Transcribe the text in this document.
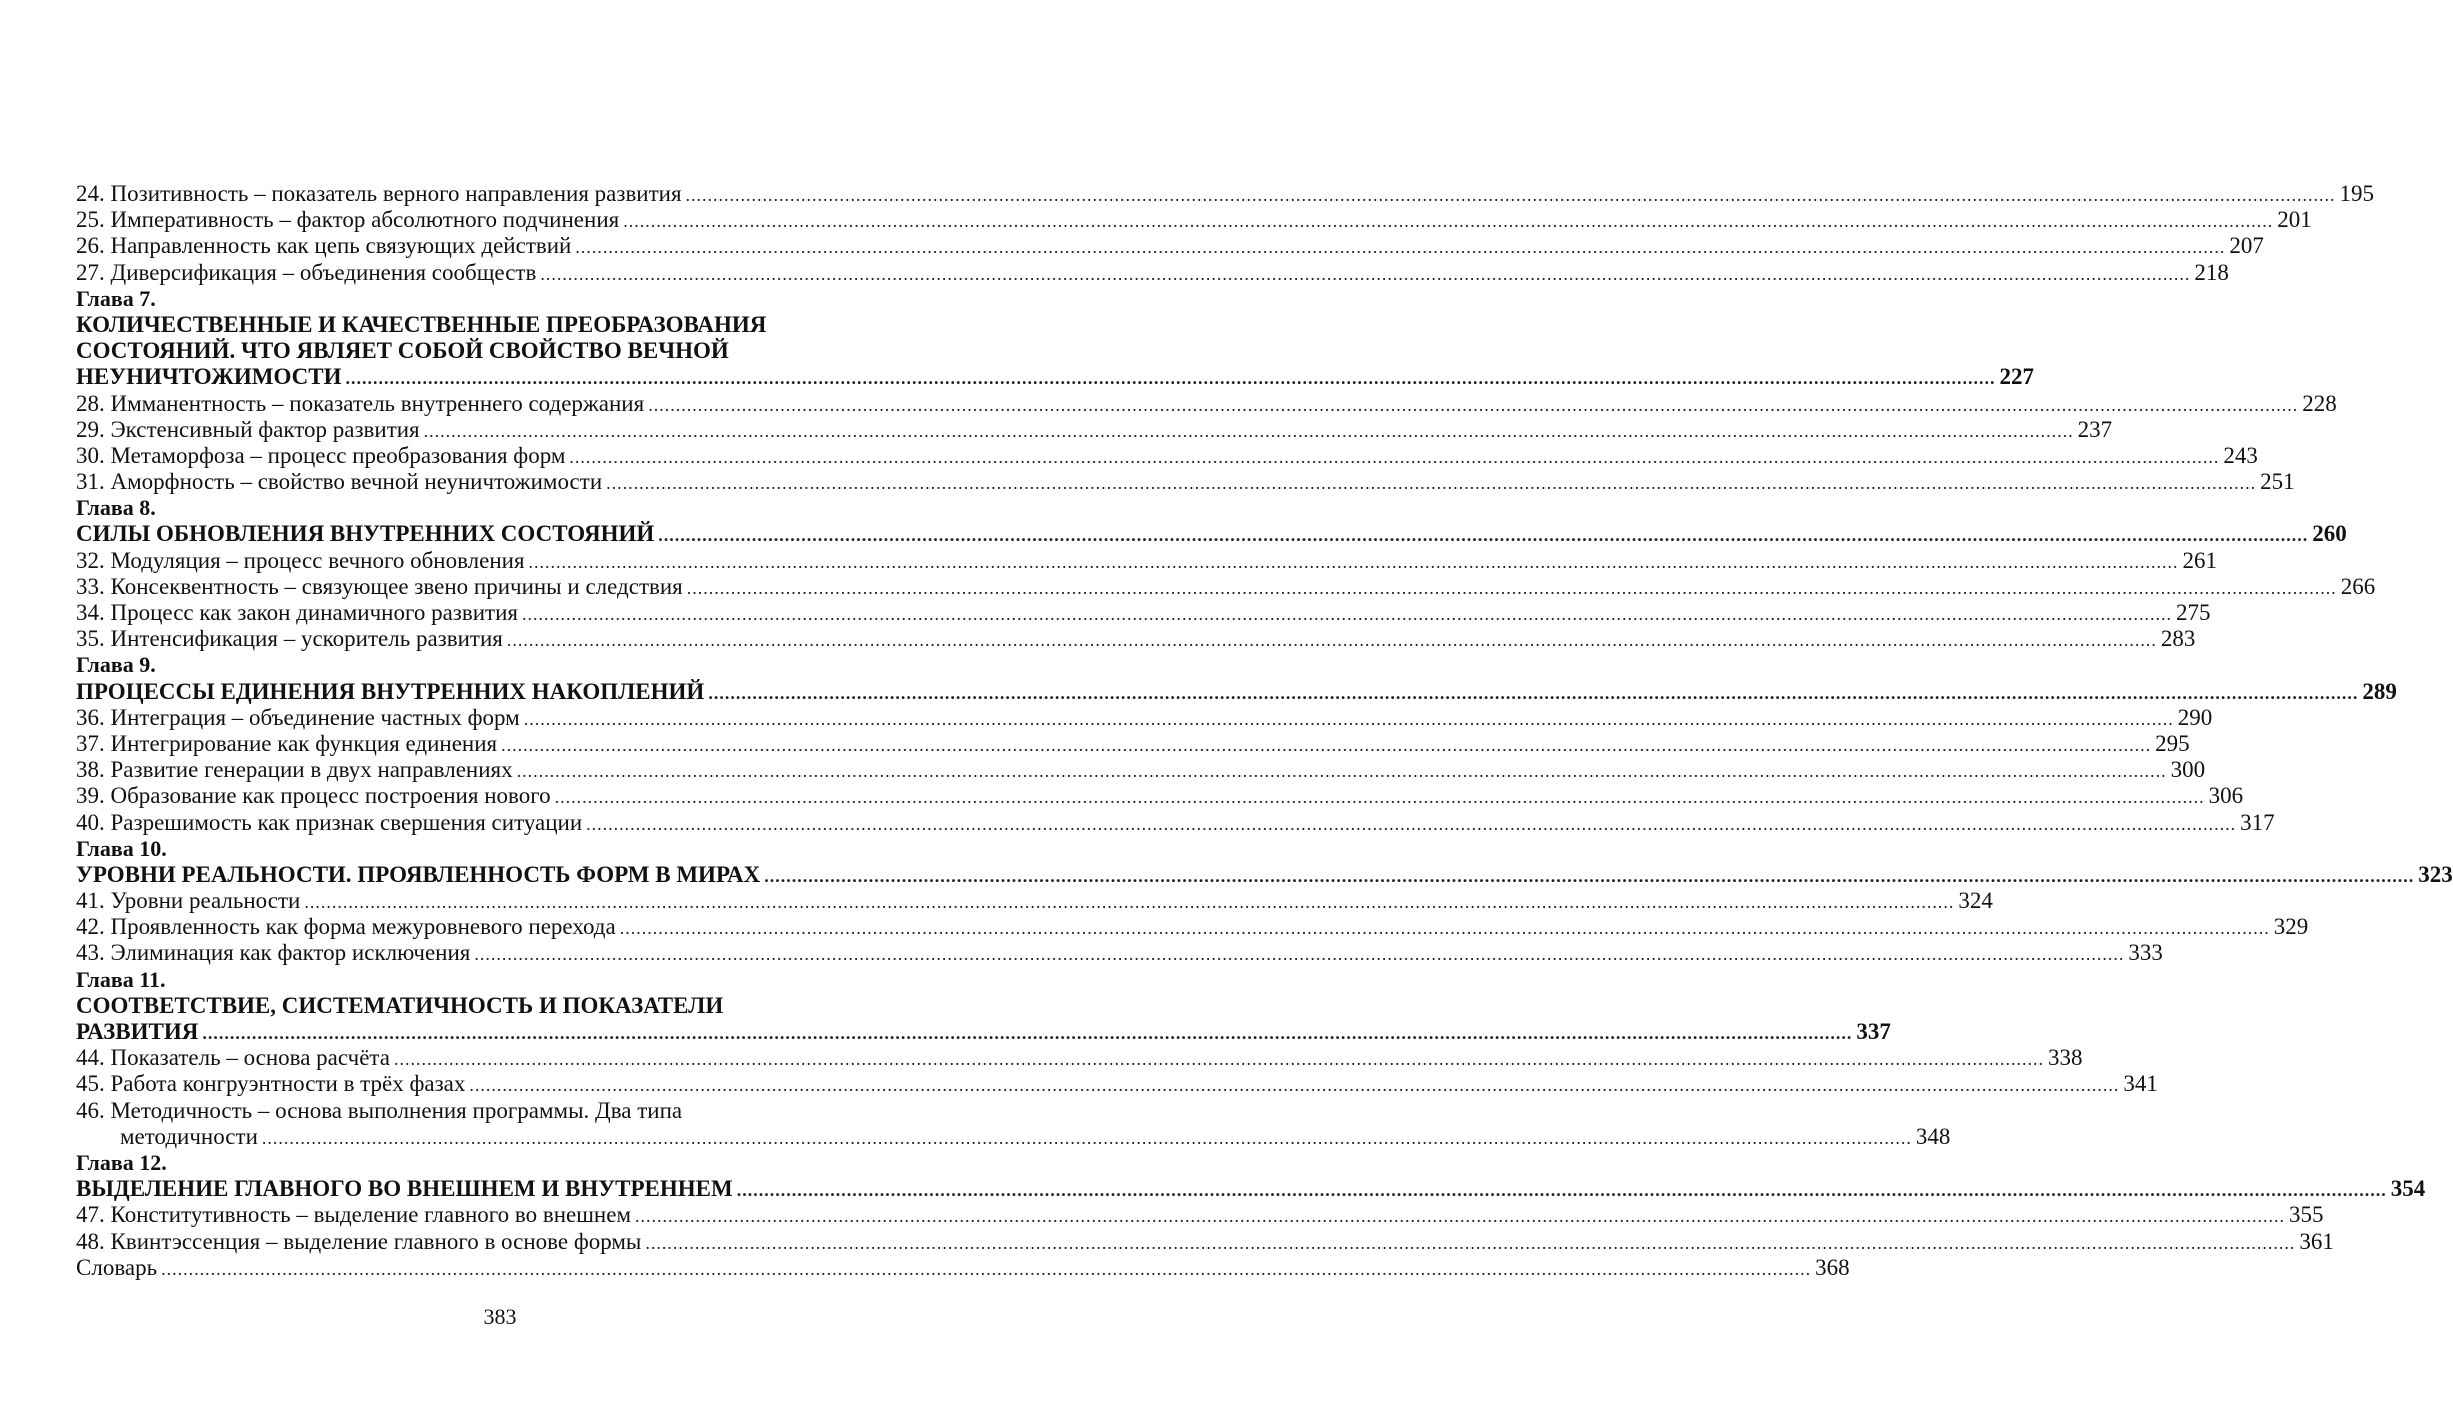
24. Позитивность – показатель верного направления развития ............................................................................................................................................................................................................................................................................................................ 195
25. Императивность – фактор абсолютного подчинения ............................................................................................................................................................................................................................................................................................................ 201
26. Направленность как цепь связующих действий ............................................................................................................................................................................................................................................................................................................ 207
27. Диверсификация – объединения сообществ ............................................................................................................................................................................................................................................................................................................ 218
Глава 7.
КОЛИЧЕСТВЕННЫЕ И КАЧЕСТВЕННЫЕ ПРЕОБРАЗОВАНИЯ
СОСТОЯНИЙ. ЧТО ЯВЛЯЕТ СОБОЙ СВОЙСТВО ВЕЧНОЙ
НЕУНИЧТОЖИМОСТИ ............................................................................................................................................................................................................................................................................................................ 227
28. Имманентность – показатель внутреннего содержания ............................................................................................................................................................................................................................................................................................................ 228
29. Экстенсивный фактор развития ............................................................................................................................................................................................................................................................................................................ 237
30. Метаморфоза – процесс преобразования форм ............................................................................................................................................................................................................................................................................................................ 243
31. Аморфность – свойство вечной неуничтожимости ............................................................................................................................................................................................................................................................................................................ 251
Глава 8.
СИЛЫ ОБНОВЛЕНИЯ ВНУТРЕННИХ СОСТОЯНИЙ ............................................................................................................................................................................................................................................................................................................ 260
32. Модуляция – процесс вечного обновления ............................................................................................................................................................................................................................................................................................................ 261
33. Консеквентность – связующее звено причины и следствия ............................................................................................................................................................................................................................................................................................................ 266
34. Процесс как закон динамичного развития ............................................................................................................................................................................................................................................................................................................ 275
35. Интенсификация – ускоритель развития ............................................................................................................................................................................................................................................................................................................ 283
Глава 9.
ПРОЦЕССЫ ЕДИНЕНИЯ ВНУТРЕННИХ НАКОПЛЕНИЙ ............................................................................................................................................................................................................................................................................................................ 289
36. Интеграция – объединение частных форм ............................................................................................................................................................................................................................................................................................................ 290
37. Интегрирование как функция единения ............................................................................................................................................................................................................................................................................................................ 295
38. Развитие генерации в двух направлениях ............................................................................................................................................................................................................................................................................................................ 300
39. Образование как процесс построения нового ............................................................................................................................................................................................................................................................................................................ 306
40. Разрешимость как признак свершения ситуации ............................................................................................................................................................................................................................................................................................................ 317
Глава 10.
УРОВНИ РЕАЛЬНОСТИ. ПРОЯВЛЕННОСТЬ ФОРМ В МИРАХ ............................................................................................................................................................................................................................................................................................................ 323
41. Уровни реальности ............................................................................................................................................................................................................................................................................................................ 324
42. Проявленность как форма межуровневого перехода ............................................................................................................................................................................................................................................................................................................ 329
43. Элиминация как фактор исключения ............................................................................................................................................................................................................................................................................................................ 333
Глава 11.
СООТВЕТСТВИЕ, СИСТЕМАТИЧНОСТЬ И ПОКАЗАТЕЛИ
РАЗВИТИЯ ............................................................................................................................................................................................................................................................................................................ 337
44. Показатель – основа расчёта ............................................................................................................................................................................................................................................................................................................ 338
45. Работа конгруэнтности в трёх фазах ............................................................................................................................................................................................................................................................................................................ 341
46. Методичность – основа выполнения программы. Два типа
методичности ............................................................................................................................................................................................................................................................................................................ 348
Глава 12.
ВЫДЕЛЕНИЕ ГЛАВНОГО ВО ВНЕШНЕМ И ВНУТРЕННЕМ ............................................................................................................................................................................................................................................................................................................ 354
47. Конститутивность – выделение главного во внешнем ............................................................................................................................................................................................................................................................................................................ 355
48. Квинтэссенция – выделение главного в основе формы ............................................................................................................................................................................................................................................................................................................ 361
Словарь ............................................................................................................................................................................................................................................................................................................ 368
383
